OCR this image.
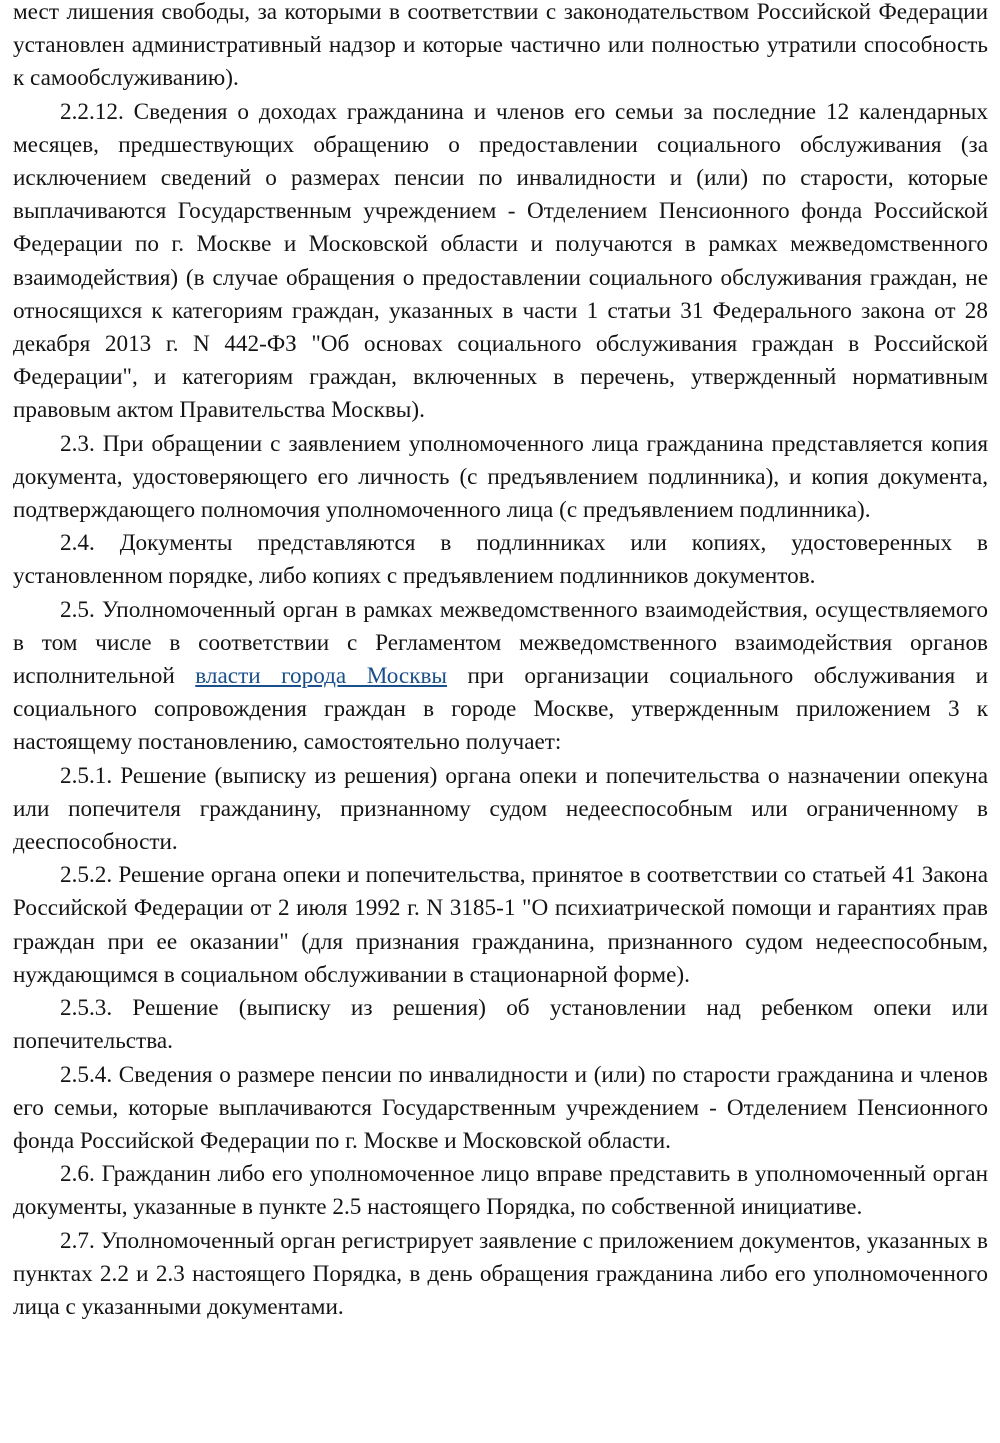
мест лишения свободы, за которыми в соответствии с законодательством Российской Федерации установлен административный надзор и которые частично или полностью утратили способность к самообслуживанию).

2.2.12. Сведения о доходах гражданина и членов его семьи за последние 12 календарных месяцев, предшествующих обращению о предоставлении социального обслуживания (за исключением сведений о размерах пенсии по инвалидности и (или) по старости, которые выплачиваются Государственным учреждением - Отделением Пенсионного фонда Российской Федерации по г. Москве и Московской области и получаются в рамках межведомственного взаимодействия) (в случае обращения о предоставлении социального обслуживания граждан, не относящихся к категориям граждан, указанных в части 1 статьи 31 Федерального закона от 28 декабря 2013 г. N 442-ФЗ "Об основах социального обслуживания граждан в Российской Федерации", и категориям граждан, включенных в перечень, утвержденный нормативным правовым актом Правительства Москвы).

2.3. При обращении с заявлением уполномоченного лица гражданина представляется копия документа, удостоверяющего его личность (с предъявлением подлинника), и копия документа, подтверждающего полномочия уполномоченного лица (с предъявлением подлинника).

2.4. Документы представляются в подлинниках или копиях, удостоверенных в установленном порядке, либо копиях с предъявлением подлинников документов.

2.5. Уполномоченный орган в рамках межведомственного взаимодействия, осуществляемого в том числе в соответствии с Регламентом межведомственного взаимодействия органов исполнительной власти города Москвы при организации социального обслуживания и социального сопровождения граждан в городе Москве, утвержденным приложением 3 к настоящему постановлению, самостоятельно получает:

2.5.1. Решение (выписку из решения) органа опеки и попечительства о назначении опекуна или попечителя гражданину, признанному судом недееспособным или ограниченному в дееспособности.

2.5.2. Решение органа опеки и попечительства, принятое в соответствии со статьей 41 Закона Российской Федерации от 2 июля 1992 г. N 3185-1 "О психиатрической помощи и гарантиях прав граждан при ее оказании" (для признания гражданина, признанного судом недееспособным, нуждающимся в социальном обслуживании в стационарной форме).

2.5.3. Решение (выписку из решения) об установлении над ребенком опеки или попечительства.

2.5.4. Сведения о размере пенсии по инвалидности и (или) по старости гражданина и членов его семьи, которые выплачиваются Государственным учреждением - Отделением Пенсионного фонда Российской Федерации по г. Москве и Московской области.

2.6. Гражданин либо его уполномоченное лицо вправе представить в уполномоченный орган документы, указанные в пункте 2.5 настоящего Порядка, по собственной инициативе.

2.7. Уполномоченный орган регистрирует заявление с приложением документов, указанных в пунктах 2.2 и 2.3 настоящего Порядка, в день обращения гражданина либо его уполномоченного лица с указанными документами.
